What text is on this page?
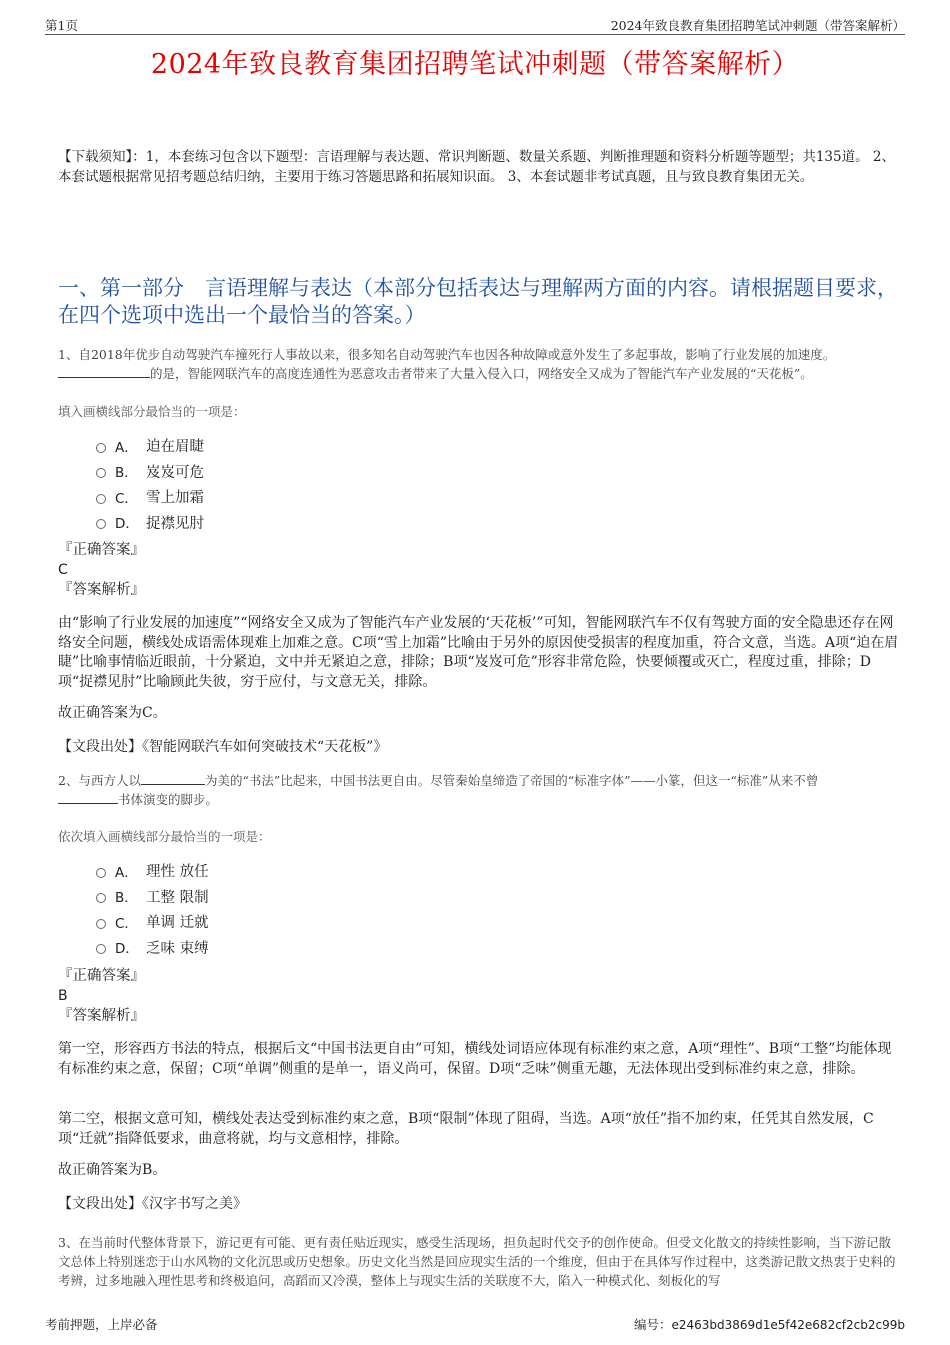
第1页	2024年致良教育集团招聘笔试冲刺题（带答案解析）
2024年致良教育集团招聘笔试冲刺题（带答案解析）
【下载须知】：1，本套练习包含以下题型：言语理解与表达题、常识判断题、数量关系题、判断推理题和资料分析题等题型；共135道。 2、本套试题根据常见招考题总结归纳，主要用于练习答题思路和拓展知识面。 3、本套试题非考试真题，且与致良教育集团无关。
一、第一部分　言语理解与表达（本部分包括表达与理解两方面的内容。请根据题目要求，在四个选项中选出一个最恰当的答案。）

1、自2018年优步自动驾驶汽车撞死行人事故以来，很多知名自动驾驶汽车也因各种故障或意外发生了多起事故，影响了行业发展的加速度。
的是，智能网联汽车的高度连通性为恶意攻击者带来了大量入侵入口，网络安全又成为了智能汽车产业发展的“天花板”。

填入画横线部分最恰当的一项是：
A． 迫在眉睫
B． 岌岌可危
C． 雪上加霜
D． 捉襟见肘
『正确答案』
C
『答案解析』

由“影响了行业发展的加速度”“网络安全又成为了智能汽车产业发展的‘天花板’”可知，智能网联汽车不仅有驾驶方面的安全隐患还存在网络安全问题，横线处成语需体现难上加难之意。C项“雪上加霜”比喻由于另外的原因使受损害的程度加重，符合文意，当选。A项“迫在眉睫”比喻事情临近眼前，十分紧迫，文中并无紧迫之意，排除；B项“岌岌可危”形容非常危险，快要倾覆或灭亡，程度过重，排除；D项“捉襟见肘”比喻顾此失彼，穷于应付，与文意无关，排除。

故正确答案为C。

【文段出处】《智能网联汽车如何突破技术“天花板”》

2、与西方人以	为美的“书法”比起来，中国书法更自由。尽管秦始皇缔造了帝国的“标准字体”——小篆，但这一“标准”从来不曾
书体演变的脚步。

依次填入画横线部分最恰当的一项是：
A． 理性 放任
B． 工整 限制
C． 单调 迁就
D． 乏味 束缚
『正确答案』
B
『答案解析』

第一空，形容西方书法的特点，根据后文“中国书法更自由”可知，横线处词语应体现有标准约束之意，A项“理性”、B项“工整”均能体现有标准约束之意，保留；C项“单调”侧重的是单一，语义尚可，保留。D项“乏味”侧重无趣，无法体现出受到标准约束之意，排除。

第二空，根据文意可知，横线处表达受到标准约束之意，B项“限制”体现了阻碍，当选。A项“放任”指不加约束，任凭其自然发展，C项“迁就”指降低要求，曲意将就，均与文意相悖，排除。

故正确答案为B。

【文段出处】《汉字书写之美》

3、在当前时代整体背景下，游记更有可能、更有责任贴近现实，感受生活现场，担负起时代交予的创作使命。但受文化散文的持续性影响，当下游记散文总体上特别迷恋于山水风物的文化沉思或历史想象。历史文化当然是回应现实生活的一个维度，但由于在具体写作过程中，这类游记散文热衷于史料的考辨，过多地融入理性思考和终极追问，高蹈而又冷漠，整体上与现实生活的关联度不大，陷入一种模式化、刻板化的写

考前押题，上岸必备	编号：e2463bd3869d1e5f42e682cf2cb2c99b
